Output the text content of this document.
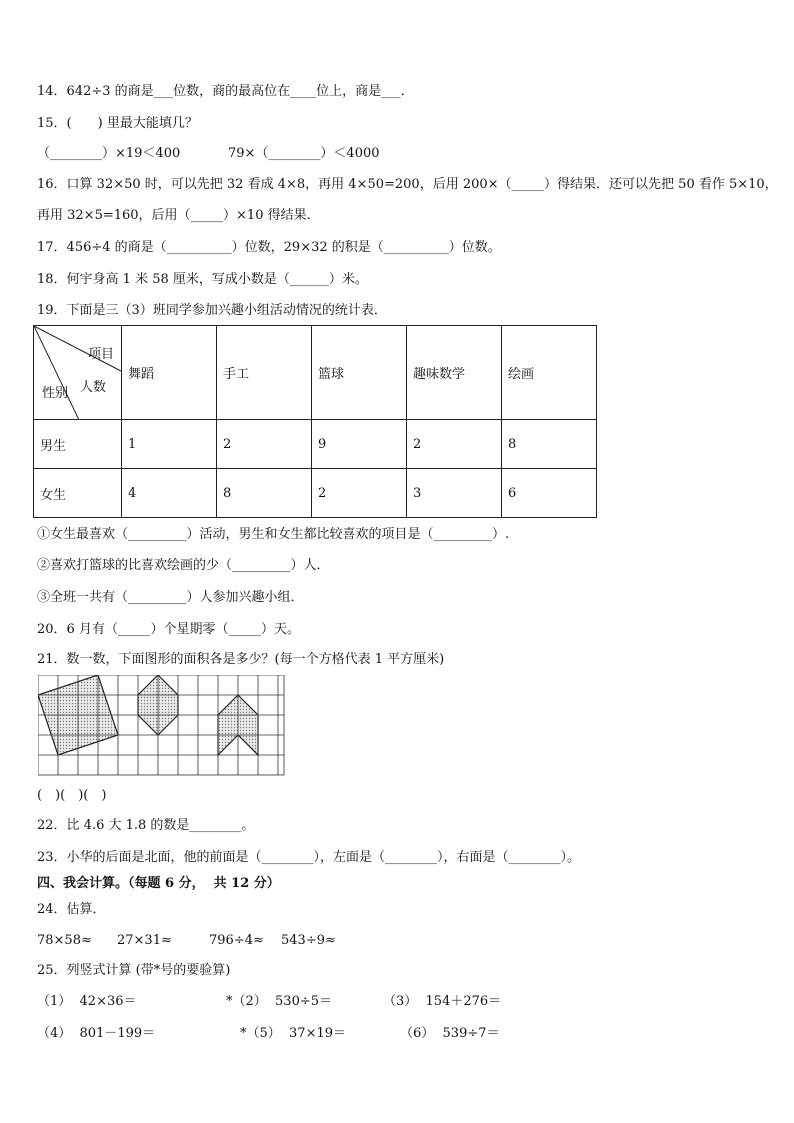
14．642÷3 的商是___位数，商的最高位在____位上，商是___．
15．(　　) 里最大能填几？
（________）×19＜400	79×（________）＜4000
16．口算 32×50 时，可以先把 32 看成 4×8，再用 4×50=200，后用 200×（_____）得结果．还可以先把 50 看作 5×10，
再用 32×5=160，后用（_____）×10 得结果．
17．456÷4 的商是（__________）位数，29×32 的积是（__________）位数。
18．何宇身高 1 米 58 厘米，写成小数是（______）米。
19．下面是三（3）班同学参加兴趣小组活动情况的统计表．
项目
人数
性别	舞蹈	手工	篮球	趣味数学	绘画
男生	1	2	9	2	8
女生	4	8	2	3	6
①女生最喜欢（_________）活动，男生和女生都比较喜欢的项目是（_________）.
②喜欢打篮球的比喜欢绘画的少（_________）人．
③全班一共有（_________）人参加兴趣小组．
20．6 月有（_____）个星期零（_____）天。
21．数一数，下面图形的面积各是多少？(每一个方格代表 1 平方厘米)
(　)(　)(　)
22．比 4.6 大 1.8 的数是________。
23．小华的后面是北面，他的前面是（________），左面是（________），右面是（________）。
四、我会计算。（每题 6 分，  共 12 分）
24．估算．
78×58≈ 27×31≈	796÷4≈ 543÷9≈
25．列竖式计算 (带*号的要验算)
（1）  42×36＝	*（2）  530÷5＝	（3）  154＋276＝
（4）  801－199＝	*（5）  37×19＝	（6）  539÷7＝
